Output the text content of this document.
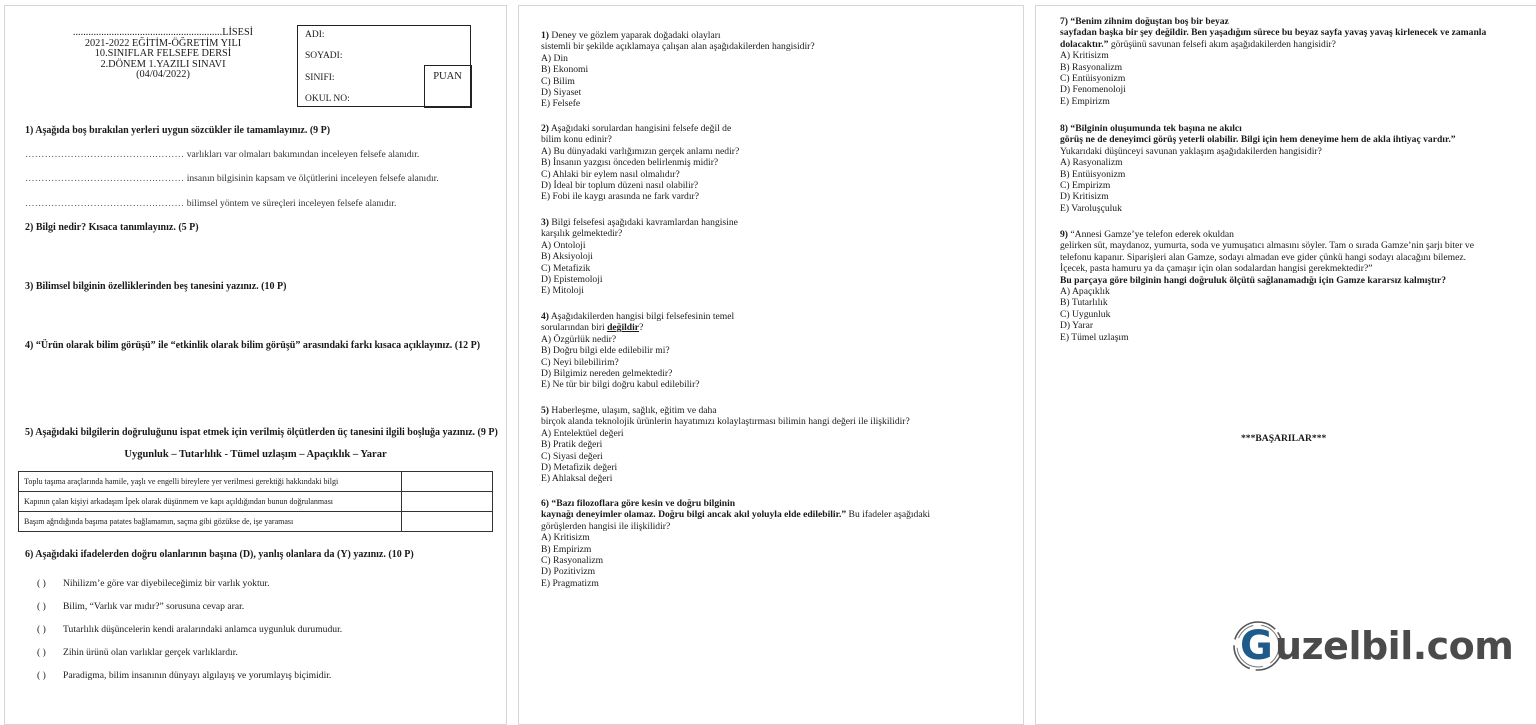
..........................................................LİSESİ
2021-2022 EĞİTİM-ÖĞRETİM YILI
10.SINIFLAR FELSEFE DERSİ
2.DÖNEM 1.YAZILI SINAVI
(04/04/2022)
ADI:
SOYADI:
SINIFI:
OKUL NO:
PUAN
1) Aşağıda boş bırakılan yerleri uygun sözcükler ile tamamlayınız. (9 P)
………………………………….……… varlıkları var olmaları bakımından inceleyen felsefe alanıdır.
………………………………….……… insanın bilgisinin kapsam ve ölçütlerini inceleyen felsefe alanıdır.
………………………………….……… bilimsel yöntem ve süreçleri inceleyen felsefe alanıdır.
2) Bilgi nedir? Kısaca tanımlayınız. (5 P)
3) Bilimsel bilginin özelliklerinden beş tanesini yazınız. (10 P)
4) “Ürün olarak bilim görüşü” ile “etkinlik olarak bilim görüşü” arasındaki farkı kısaca açıklayınız. (12 P)
5) Aşağıdaki bilgilerin doğruluğunu ispat etmek için verilmiş ölçütlerden üç tanesini ilgili boşluğa yazınız. (9 P)
Uygunluk – Tutarlılık - Tümel uzlaşım – Apaçıklık – Yarar
Toplu taşıma araçlarında hamile, yaşlı ve engelli bireylere yer verilmesi gerektiği hakkındaki bilgi	
Kapının çalan kişiyi arkadaşım İpek olarak düşünmem ve kapı açıldığından bunun doğrulanması	
Başım ağrıdığında başıma patates bağlamamın, saçma gibi gözükse de, işe yaraması	
6) Aşağıdaki ifadelerden doğru olanlarının başına (D), yanlış olanlara da (Y) yazınız. (10 P)
( ) Nihilizm’e göre var diyebileceğimiz bir varlık yoktur.
( ) Bilim, “Varlık var mıdır?” sorusuna cevap arar.
( ) Tutarlılık düşüncelerin kendi aralarındaki anlamca uygunluk durumudur.
( ) Zihin ürünü olan varlıklar gerçek varlıklardır.
( ) Paradigma, bilim insanının dünyayı algılayış ve yorumlayış biçimidir.
1) Deney ve gözlem yaparak doğadaki olayları
sistemli bir şekilde açıklamaya çalışan alan aşağıdakilerden hangisidir?
A) Din
B) Ekonomi
C) Bilim
D) Siyaset
E) Felsefe
2) Aşağıdaki sorulardan hangisini felsefe değil de
bilim konu edinir?
A) Bu dünyadaki varlığımızın gerçek anlamı nedir?
B) İnsanın yazgısı önceden belirlenmiş midir?
C) Ahlaki bir eylem nasıl olmalıdır?
D) İdeal bir toplum düzeni nasıl olabilir?
E) Fobi ile kaygı arasında ne fark vardır?
3) Bilgi felsefesi aşağıdaki kavramlardan hangisine
karşılık gelmektedir?
A) Ontoloji
B) Aksiyoloji
C) Metafizik
D) Epistemoloji
E) Mitoloji
4) Aşağıdakilerden hangisi bilgi felsefesinin temel
sorularından biri değildir?
A) Özgürlük nedir?
B) Doğru bilgi elde edilebilir mi?
C) Neyi bilebilirim?
D) Bilgimiz nereden gelmektedir?
E) Ne tür bir bilgi doğru kabul edilebilir?
5) Haberleşme, ulaşım, sağlık, eğitim ve daha
birçok alanda teknolojik ürünlerin hayatımızı kolaylaştırması bilimin hangi değeri ile ilişkilidir?
A) Entelektüel değeri
B) Pratik değeri
C) Siyasi değeri
D) Metafizik değeri
E) Ahlaksal değeri
6) “Bazı filozoflara göre kesin ve doğru bilginin
kaynağı deneyimler olamaz. Doğru bilgi ancak akıl yoluyla elde edilebilir.” Bu ifadeler aşağıdaki
görüşlerden hangisi ile ilişkilidir?
A) Kritisizm
B) Empirizm
C) Rasyonalizm
D) Pozitivizm
E) Pragmatizm
7) “Benim zihnim doğuştan boş bir beyaz
sayfadan başka bir şey değildir. Ben yaşadığım sürece bu beyaz sayfa yavaş yavaş kirlenecek ve zamanla
dolacaktır.” görüşünü savunan felsefi akım aşağıdakilerden hangisidir?
A) Kritisizm
B) Rasyonalizm
C) Entüisyonizm
D) Fenomenoloji
E) Empirizm
8) “Bilginin oluşumunda tek başına ne akılcı
görüş ne de deneyimci görüş yeterli olabilir. Bilgi için hem deneyime hem de akla ihtiyaç vardır.”
Yukarıdaki düşünceyi savunan yaklaşım aşağıdakilerden hangisidir?
A) Rasyonalizm
B) Entüisyonizm
C) Empirizm
D) Kritisizm
E) Varoluşçuluk
9) “Annesi Gamze’ye telefon ederek okuldan
gelirken süt, maydanoz, yumurta, soda ve yumuşatıcı almasını söyler. Tam o sırada Gamze’nin şarjı biter ve
telefonu kapanır. Siparişleri alan Gamze, sodayı almadan eve gider çünkü hangi sodayı alacağını bilemez.
İçecek, pasta hamuru ya da çamaşır için olan sodalardan hangisi gerekmektedir?”
Bu parçaya göre bilginin hangi doğruluk ölçütü sağlanamadığı için Gamze kararsız kalmıştır?
A) Apaçıklık
B) Tutarlılık
C) Uygunluk
D) Yarar
E) Tümel uzlaşım
***BAŞARILAR***
G uzelbil.com
